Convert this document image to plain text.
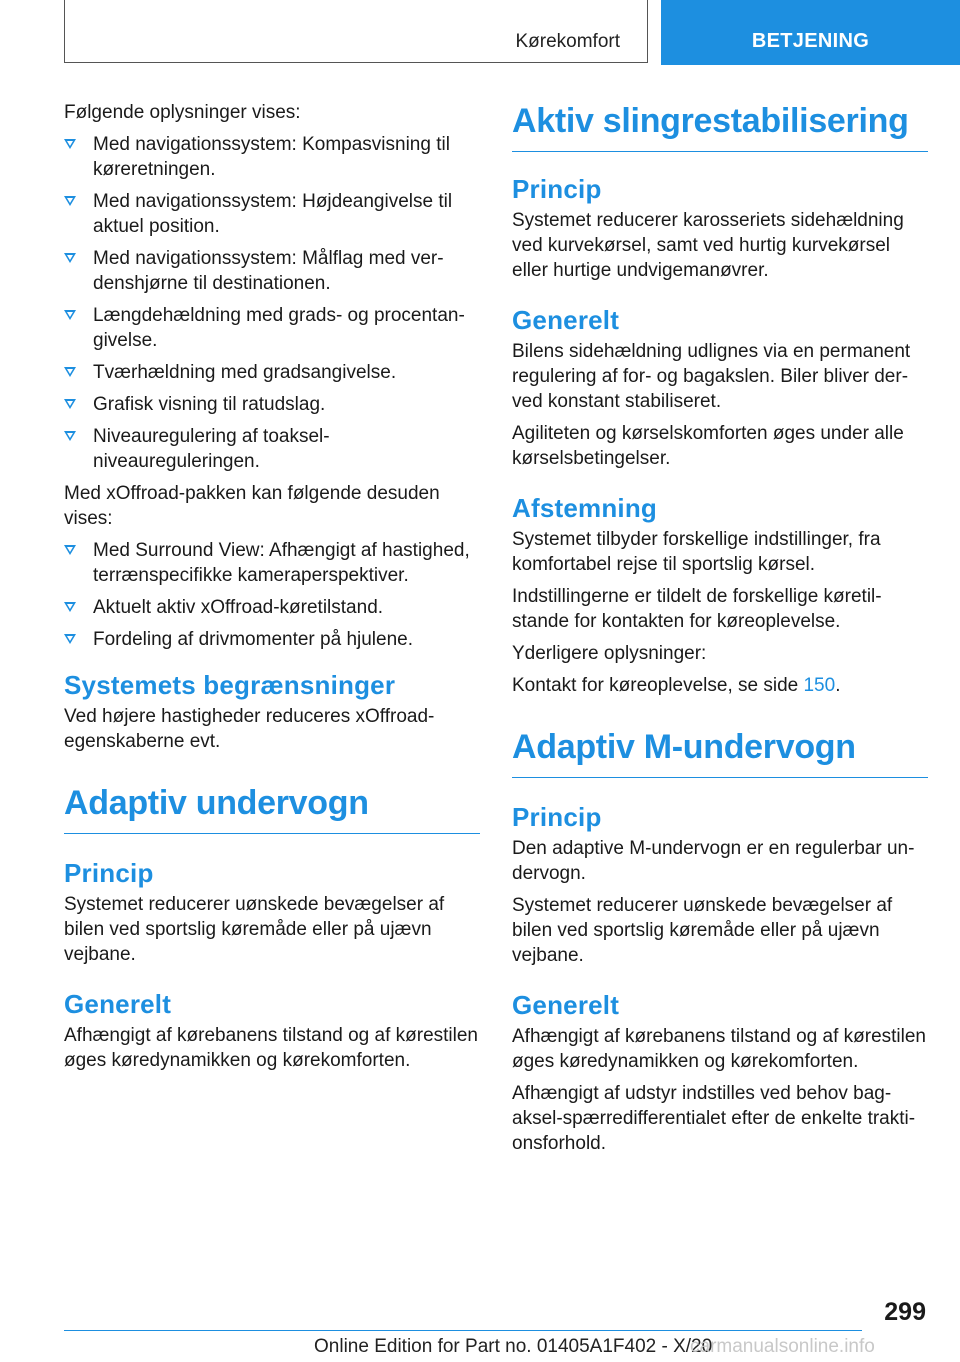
Kørekomfort	BETJENING

Følgende oplysninger vises:

Med navigationssystem: Kompasvisning til køreretningen.
Med navigationssystem: Højdeangivelse til aktuel position.
Med navigationssystem: Målflag med verdenshjørne til destinationen.
Længdehældning med grads- og procentangivelse.
Tværhældning med gradsangivelse.
Grafisk visning til ratudslag.
Niveauregulering af toaksel-niveaureguleringen.

Med xOffroad-pakken kan følgende desuden vises:

Med Surround View: Afhængigt af hastighed, terrænspecifikke kameraperspektiver.
Aktuelt aktiv xOffroad-køretilstand.
Fordeling af drivmomenter på hjulene.
Systemets begrænsninger

Ved højere hastigheder reduceres xOffroad-egenskaberne evt.

Adaptiv undervogn
Princip

Systemet reducerer uønskede bevægelser af bilen ved sportslig køremåde eller på ujævn vejbane.

Generelt

Afhængigt af kørebanens tilstand og af kørestilen øges køredynamikken og kørekomforten.

Aktiv slingrestabilisering
Princip

Systemet reducerer karosseriets sidehældning ved kurvekørsel, samt ved hurtig kurvekørsel eller hurtige undvigemanøvrer.

Generelt

Bilens sidehældning udlignes via en permanent regulering af for- og bagakslen. Biler bliver derved konstant stabiliseret.

Agiliteten og kørselskomforten øges under alle kørselsbetingelser.

Afstemning

Systemet tilbyder forskellige indstillinger, fra komfortabel rejse til sportslig kørsel.

Indstillingerne er tildelt de forskellige køretilstande for kontakten for køreoplevelse.

Yderligere oplysninger:

Kontakt for køreoplevelse, se side 150.

Adaptiv M-undervogn
Princip

Den adaptive M-undervogn er en regulerbar undervogn.

Systemet reducerer uønskede bevægelser af bilen ved sportslig køremåde eller på ujævn vejbane.

Generelt

Afhængigt af kørebanens tilstand og af kørestilen øges køredynamikken og kørekomforten.

Afhængigt af udstyr indstilles ved behov bagaksel-spærredifferentialet efter de enkelte traktionsforhold.

299
Online Edition for Part no. 01405A1F402 - X/20
carmanualsonline.info
